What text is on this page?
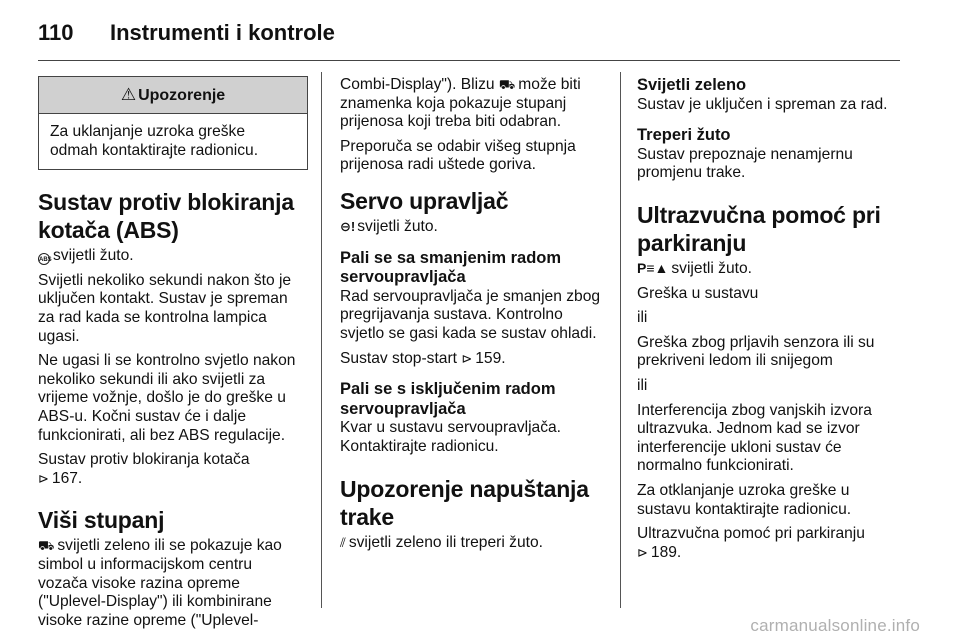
110 Instrumenti i kontrole
⚠ Upozorenje

Za uklanjanje uzroka greške
odmah kontaktirajte radionicu.

Sustav protiv blokiranja
kotača (ABS)

ABSsvijetli žuto.

Svijetli nekoliko sekundi nakon što je
uključen kontakt. Sustav je spreman
za rad kada se kontrolna lampica
ugasi.

Ne ugasi li se kontrolno svjetlo nakon
nekoliko sekundi ili ako svijetli za
vrijeme vožnje, došlo je do greške u
ABS-u. Kočni sustav će i dalje
funkcionirati, ali bez ABS regulacije.

Sustav protiv blokiranja kotača
⊳ 167.

Viši stupanj

⛟ svijetli zeleno ili se pokazuje kao
simbol u informacijskom centru
vozača visoke razina opreme
("Uplevel-Display") ili kombinirane
visoke razine opreme ("Uplevel-

Combi-Display"). Blizu ⛟ može biti
znamenka koja pokazuje stupanj
prijenosa koji treba biti odabran.

Preporuča se odabir višeg stupnja
prijenosa radi uštede goriva.

Servo upravljač

⊖! svijetli žuto.

Pali se sa smanjenim radom
servoupravljača

Rad servoupravljača je smanjen zbog
pregrijavanja sustava. Kontrolno
svjetlo se gasi kada se sustav ohladi.

Sustav stop-start ⊳ 159.

Pali se s isključenim radom
servoupravljača

Kvar u sustavu servoupravljača.
Kontaktirajte radionicu.

Upozorenje napuštanja
trake

⫽ svijetli zeleno ili treperi žuto.

Svijetli zeleno

Sustav je uključen i spreman za rad.

Treperi žuto

Sustav prepoznaje nenamjernu
promjenu trake.

Ultrazvučna pomoć pri
parkiranju

P≡▲ svijetli žuto.

Greška u sustavu

ili

Greška zbog prljavih senzora ili su
prekriveni ledom ili snijegom

ili

Interferencija zbog vanjskih izvora
ultrazvuka. Jednom kad se izvor
interferencije ukloni sustav će
normalno funkcionirati.

Za otklanjanje uzroka greške u
sustavu kontaktirajte radionicu.

Ultrazvučna pomoć pri parkiranju
⊳ 189.

carmanualsonline.info
